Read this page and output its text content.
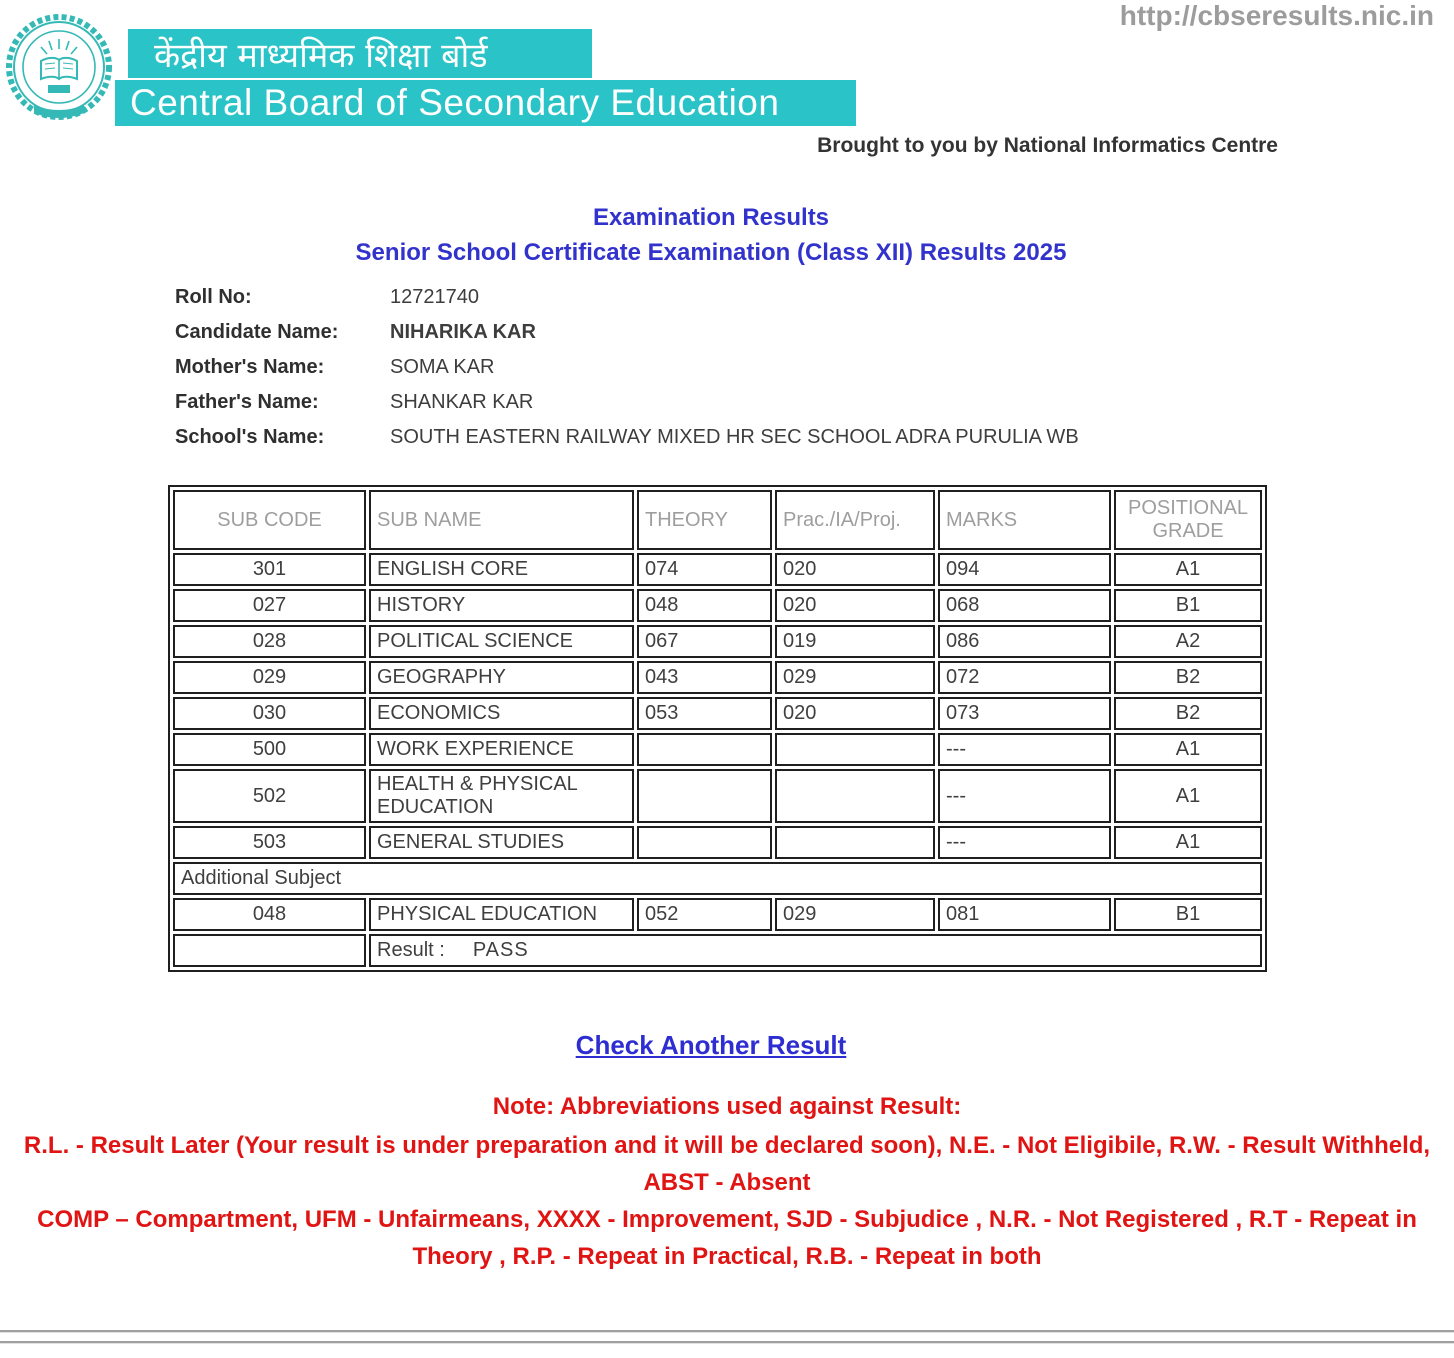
केंद्रीय माध्यमिक शिक्षा बोर्ड
Central Board of Secondary Education
http://cbseresults.nic.in
Brought to you by National Informatics Centre
Examination Results
Senior School Certificate Examination (Class XII) Results 2025
Roll No:	12721740
Candidate Name:	NIHARIKA KAR
Mother's Name:	SOMA KAR
Father's Name:	SHANKAR KAR
School's Name:	SOUTH EASTERN RAILWAY MIXED HR SEC SCHOOL ADRA PURULIA WB
SUB CODE	SUB NAME	THEORY	Prac./IA/Proj.	MARKS	POSITIONAL GRADE
301	ENGLISH CORE	074	020	094	A1
027	HISTORY	048	020	068	B1
028	POLITICAL SCIENCE	067	019	086	A2
029	GEOGRAPHY	043	029	072	B2
030	ECONOMICS	053	020	073	B2
500	WORK EXPERIENCE			---	A1
502	HEALTH & PHYSICAL EDUCATION			---	A1
503	GENERAL STUDIES			---	A1
Additional Subject					
048	PHYSICAL EDUCATION	052	029	081	B1
	Result : PASS				
Check Another Result
Note: Abbreviations used against Result:
R.L. - Result Later (Your result is under preparation and it will be declared soon), N.E. - Not Eligibile, R.W. - Result Withheld, ABST - Absent
COMP – Compartment, UFM - Unfairmeans, XXXX - Improvement, SJD - Subjudice , N.R. - Not Registered , R.T - Repeat in Theory , R.P. - Repeat in Practical, R.B. - Repeat in both
